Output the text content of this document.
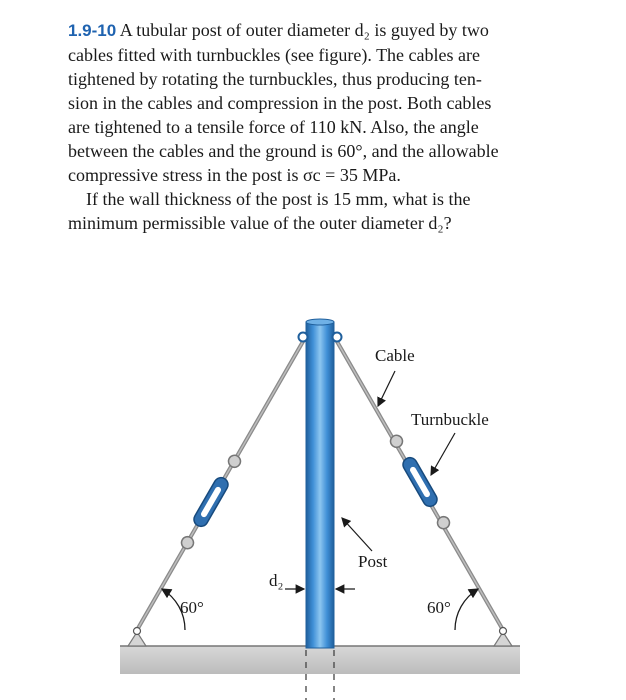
1.9-10 A tubular post of outer diameter d₂ is guyed by two

cables fitted with turnbuckles (see figure). The cables are

tightened by rotating the turnbuckles, thus producing ten-

sion in the cables and compression in the post. Both cables

are tightened to a tensile force of 110 kN. Also, the angle

between the cables and the ground is 60°, and the allowable

compressive stress in the post is σc = 35 MPa.

If the wall thickness of the post is 15 mm, what is the

minimum permissible value of the outer diameter d₂?

Cable
Turnbuckle
Post
d₂
60°	60°
